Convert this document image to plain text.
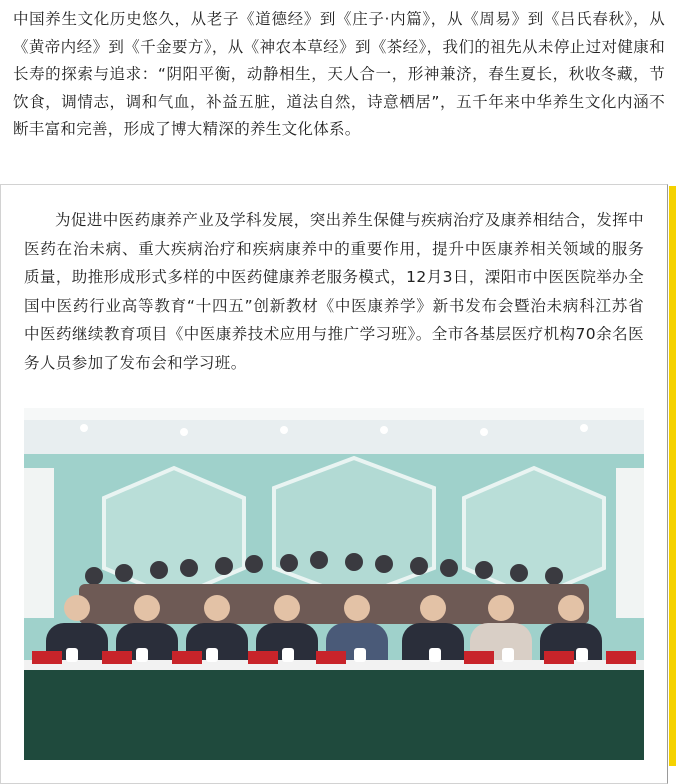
中国养生文化历史悠久，从老子《道德经》到《庄子·内篇》，从《周易》到《吕氏春秋》，从《黄帝内经》到《千金要方》，从《神农本草经》到《茶经》，我们的祖先从未停止过对健康和长寿的探索与追求：“阴阳平衡，动静相生，天人合一，形神兼济，春生夏长，秋收冬藏，节饮食，调情志，调和气血，补益五脏，道法自然，诗意栖居”，五千年来中华养生文化内涵不断丰富和完善，形成了博大精深的养生文化体系。

为促进中医药康养产业及学科发展，突出养生保健与疾病治疗及康养相结合，发挥中医药在治未病、重大疾病治疗和疾病康养中的重要作用，提升中医康养相关领域的服务质量，助推形成形式多样的中医药健康养老服务模式，12月3日，溧阳市中医医院举办全国中医药行业高等教育“十四五”创新教材《中医康养学》新书发布会暨治未病科江苏省中医药继续教育项目《中医康养技术应用与推广学习班》。全市各基层医疗机构70余名医务人员参加了发布会和学习班。
